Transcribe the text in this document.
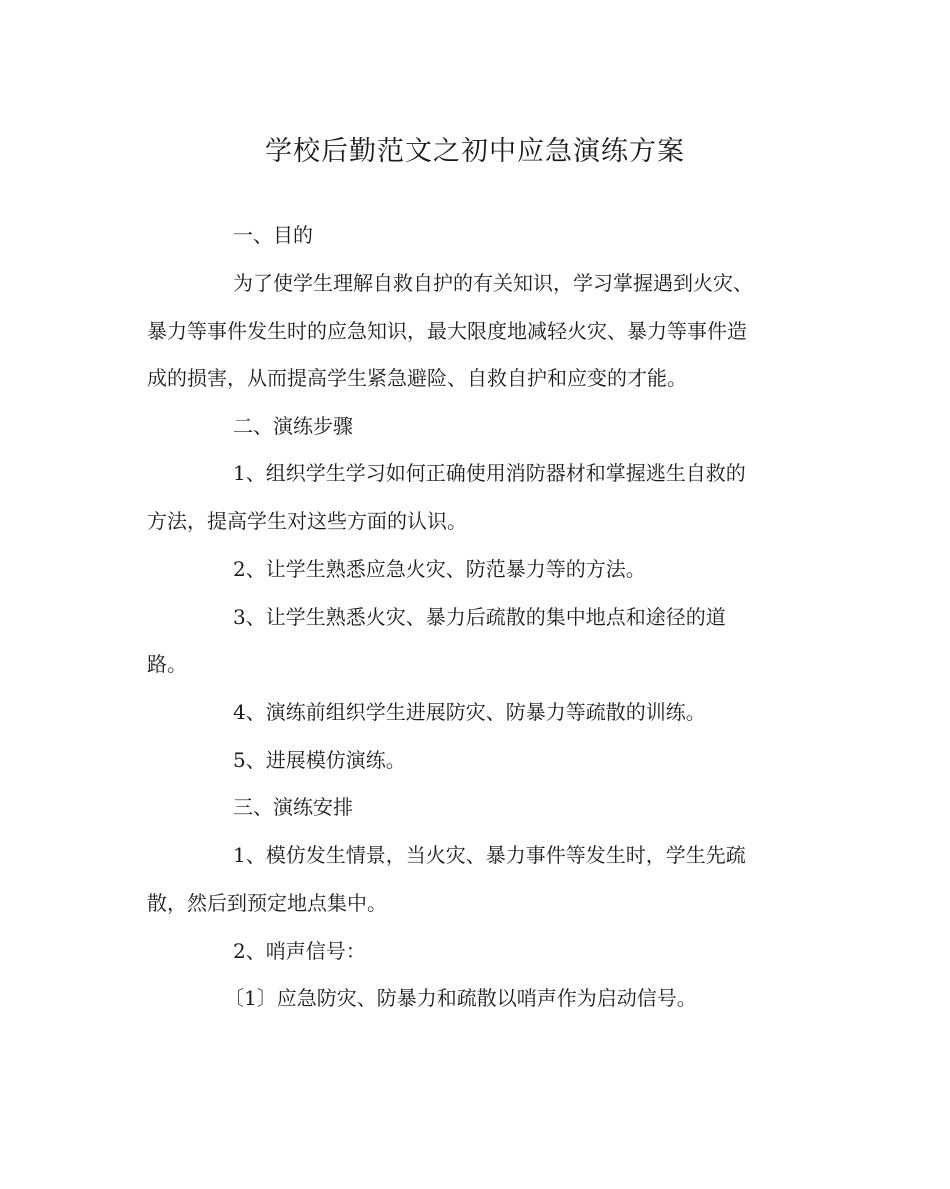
学校后勤范文之初中应急演练方案

一、目的

为了使学生理解自救自护的有关知识，学习掌握遇到火灾、

暴力等事件发生时的应急知识，最大限度地减轻火灾、暴力等事件造

成的损害，从而提高学生紧急避险、自救自护和应变的才能。

二、演练步骤

1、组织学生学习如何正确使用消防器材和掌握逃生自救的

方法，提高学生对这些方面的认识。

2、让学生熟悉应急火灾、防范暴力等的方法。

3、让学生熟悉火灾、暴力后疏散的集中地点和途径的道

路。

4、演练前组织学生进展防灾、防暴力等疏散的训练。

5、进展模仿演练。

三、演练安排

1、模仿发生情景，当火灾、暴力事件等发生时，学生先疏

散，然后到预定地点集中。

2、哨声信号：

〔1〕应急防灾、防暴力和疏散以哨声作为启动信号。
